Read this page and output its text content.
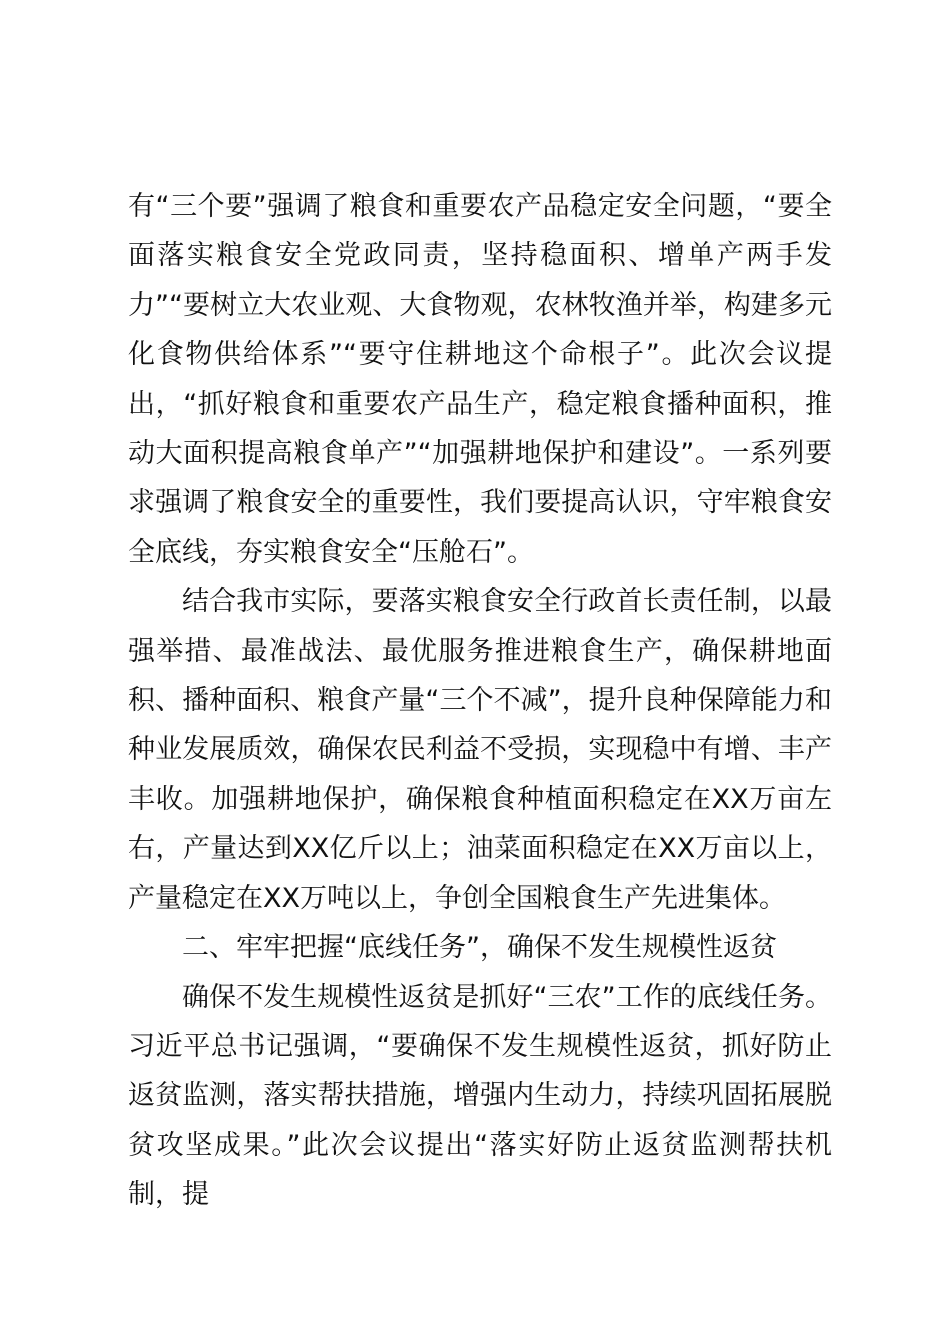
有“三个要”强调了粮食和重要农产品稳定安全问题，“要全面落实粮食安全党政同责，坚持稳面积、增单产两手发力”“要树立大农业观、大食物观，农林牧渔并举，构建多元化食物供给体系”“要守住耕地这个命根子”。此次会议提出，“抓好粮食和重要农产品生产，稳定粮食播种面积，推动大面积提高粮食单产”“加强耕地保护和建设”。一系列要求强调了粮食安全的重要性，我们要提高认识，守牢粮食安全底线，夯实粮食安全“压舱石”。

结合我市实际，要落实粮食安全行政首长责任制，以最强举措、最准战法、最优服务推进粮食生产，确保耕地面积、播种面积、粮食产量“三个不减”，提升良种保障能力和种业发展质效，确保农民利益不受损，实现稳中有增、丰产丰收。加强耕地保护，确保粮食种植面积稳定在XX万亩左右，产量达到XX亿斤以上；油菜面积稳定在XX万亩以上，产量稳定在XX万吨以上，争创全国粮食生产先进集体。

二、牢牢把握“底线任务”，确保不发生规模性返贫

确保不发生规模性返贫是抓好“三农”工作的底线任务。习近平总书记强调，“要确保不发生规模性返贫，抓好防止返贫监测，落实帮扶措施，增强内生动力，持续巩固拓展脱贫攻坚成果。”此次会议提出“落实好防止返贫监测帮扶机制，提
